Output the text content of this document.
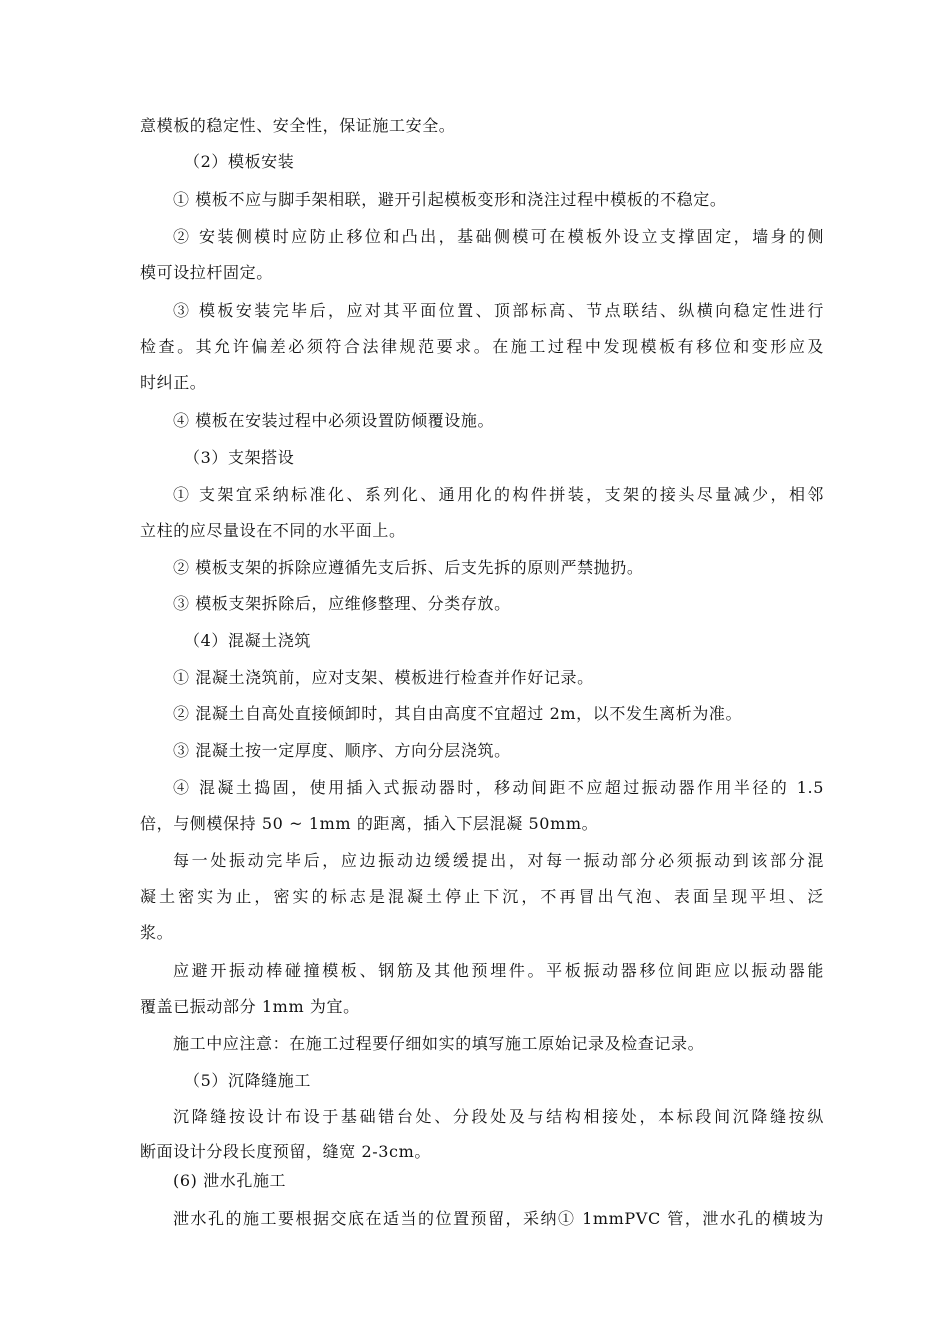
意模板的稳定性、安全性，保证施工安全。
（2）模板安装
① 模板不应与脚手架相联，避开引起模板变形和浇注过程中模板的不稳定。
② 安装侧模时应防止移位和凸出，基础侧模可在模板外设立支撑固定，墙身的侧
模可设拉杆固定。
③ 模板安装完毕后，应对其平面位置、顶部标高、节点联结、纵横向稳定性进行
检查。其允许偏差必须符合法律规范要求。在施工过程中发现模板有移位和变形应及
时纠正。
④ 模板在安装过程中必须设置防倾覆设施。
（3）支架搭设
① 支架宜采纳标准化、系列化、通用化的构件拼装，支架的接头尽量减少，相邻
立柱的应尽量设在不同的水平面上。
② 模板支架的拆除应遵循先支后拆、后支先拆的原则严禁抛扔。
③ 模板支架拆除后，应维修整理、分类存放。
（4）混凝土浇筑
① 混凝土浇筑前，应对支架、模板进行检查并作好记录。
② 混凝土自高处直接倾卸时，其自由高度不宜超过 2m，以不发生离析为准。
③ 混凝土按一定厚度、顺序、方向分层浇筑。
④ 混凝土捣固，使用插入式振动器时，移动间距不应超过振动器作用半径的 1.5
倍，与侧模保持 50 ~ 1mm 的距离，插入下层混凝 50mm。
每一处振动完毕后，应边振动边缓缓提出，对每一振动部分必须振动到该部分混
凝土密实为止，密实的标志是混凝土停止下沉，不再冒出气泡、表面呈现平坦、泛
浆。
应避开振动棒碰撞模板、钢筋及其他预埋件。平板振动器移位间距应以振动器能
覆盖已振动部分 1mm 为宜。
施工中应注意：在施工过程要仔细如实的填写施工原始记录及检查记录。
（5）沉降缝施工
沉降缝按设计布设于基础错台处、分段处及与结构相接处，本标段间沉降缝按纵
断面设计分段长度预留，缝宽 2-3cm。
(6) 泄水孔施工
泄水孔的施工要根据交底在适当的位置预留，采纳① 1mmPVC 管，泄水孔的横坡为
